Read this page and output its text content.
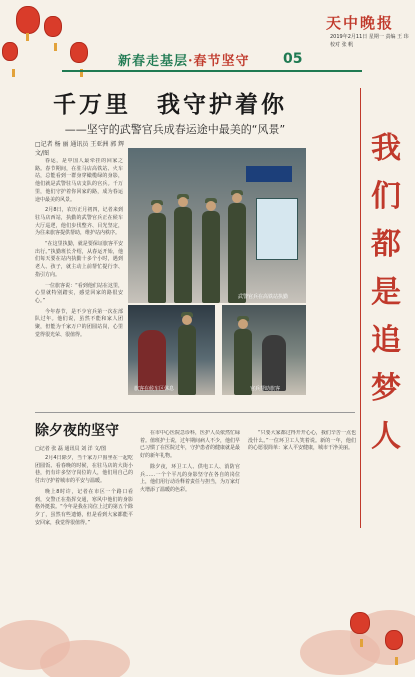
新春走基层·春节坚守 05
天中晚报
2019年2月11日 星期一 责编 王 玮 校对 张 帆
千万里　我守护着你
——坚守的武警官兵成春运途中最美的“风景”
□记者 杨 丽 通讯员 王亚洲 郭 辉 文/图

春运，是中国人最牵挂的回家之路。春节期间，在驻马店高铁站、火车站，总能看到一群身穿橄榄绿的身影，他们就是武警驻马店支队的官兵。千万里，他们守护着你回家的路，成为春运途中最美的风景。

2月8日，农历正月初四，记者来到驻马店西站，执勤的武警官兵正在候车大厅巡逻，他们步伐整齐、目光坚定，为往来旅客提供帮助，维护站内秩序。

“在这里执勤，就是要保证旅客平安出行。”执勤班长介绍，从春运开始，他们每天要在站内执勤十多个小时，遇到老人、孩子，就主动上前帮忙提行李、指引方向。

一位旅客说：“看到他们站在这里，心里就特别踏实，感觉回家的路很安心。”

今年春节，是不少官兵第一次在部队过年。他们说，虽然不能和家人团聚，但能为千家万户的团圆站岗，心里觉得很光荣、很值得。

武警官兵在高铁站执勤
旅客在候车区休息	官兵帮助旅客
我
们
都
是
追
梦
人
除夕夜的坚守
□记者 张 磊 通讯员 刘 洋 文/图

2月4日除夕，当千家万户围坐在一起吃团圆饭、看春晚的时候，在驻马店的大街小巷，仍有许多坚守岗位的人，他们用自己的付出守护着城市的平安与温暖。

晚上8时许，记者在市区一个路口看到，交警正在指挥交通，寒风中他们的身影格外挺拔。“今年是我在岗位上过的第五个除夕了，虽然有些遗憾，但是看到大家都能平安回家，我觉得很值得。”

在市中心医院急诊科，医护人员依然忙碌着。值班护士说，过年期间病人不少，他们早已习惯了在医院过年，守护患者的健康就是最好的新年礼物。

除夕夜，环卫工人、供电工人、消防官兵……一个个平凡的身影坚守在各自的岗位上，他们用行动诠释着责任与担当，为万家灯火增添了温暖的色彩。

“只要大家都过得开开心心，我们辛苦一点也没什么。”一位环卫工人笑着说。新的一年，他们的心愿很简单：家人平安健康，城市干净美丽。
